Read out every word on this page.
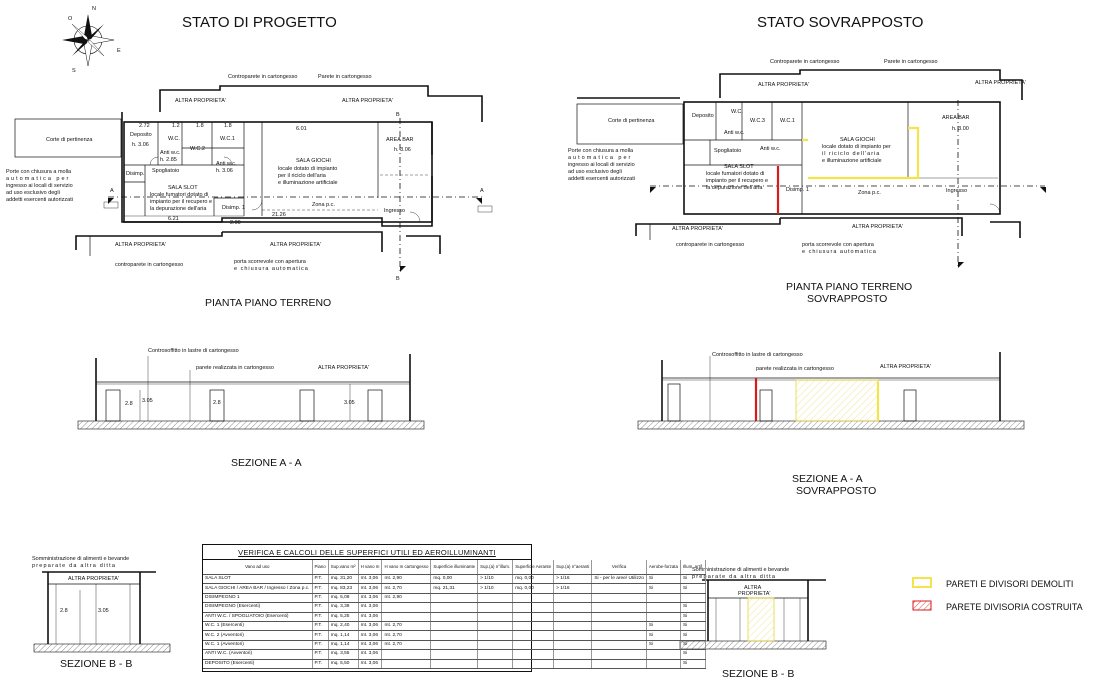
STATO DI PROGETTO	STATO SOVRAPPOSTO
N
E
S
O
Controparete in cartongesso	Parete in cartongesso
ALTRA PROPRIETA'	ALTRA PROPRIETA'
Corte di pertinenza
Deposito
h. 3.06
W.C.
W.C.2
W.C.1
Anti w.c.
h. 2.85
Anti w.c.
h. 3.06
Spogliatoio
Disimp.
SALA SLOT
locale fumatori dotato di
impianto per il recupero e
la depurazione dell'aria	Disimp. 1
SALA GIOCHI
locale dotato di impianto
per il riciclo dell'aria
e illuminazione artificiale
AREA BAR
h. 3.06
Zona p.c.
Ingresso
Porte con chiusura a molla
automatica per
ingresso ai locali di servizio
ad uso esclusivo degli
addetti esercenti autorizzati
ALTRA PROPRIETA'	ALTRA PROPRIETA'
controparete in cartongesso	porta scorrevole con apertura
e chiusura automatica
2.72	1.2	1.8	1.8	6.01
2.00
6.21
21.26
A	A
B
B
PIANTA PIANO TERRENO
Controparete in cartongesso	Parete in cartongesso
ALTRA PROPRIETA'	ALTRA PROPRIETA'
Corte di pertinenza
Deposito
W.C.
W.C.3	W.C.1
Anti w.c.
Anti w.c.
Spogliatoio
SALA SLOT
locale fumatori dotato di
impianto per il recupero e
la depurazione dell'aria	Disimp. 1
SALA GIOCHI
locale dotato di impianto per
il riciclo dell'aria
e illuminazione artificiale
AREA BAR
h. 3.00
Zona p.c.	Ingresso
Porte con chiusura a molla
automatica per
ingresso ai locali di servizio
ad uso esclusivo degli
addetti esercenti autorizzati
ALTRA PROPRIETA'	ALTRA PROPRIETA'
controparete in cartongesso	porta scorrevole con apertura
e chiusura automatica
PIANTA PIANO TERRENO
SOVRAPPOSTO
Controsoffitto in lastre di cartongesso
parete realizzata in cartongesso	ALTRA PROPRIETA'
2.8 3.05	2.8	3.05
SEZIONE A - A
Controsoffitto in lastre di cartongesso
parete realizzata in cartongesso	ALTRA PROPRIETA'
SEZIONE A - A
SOVRAPPOSTO
Somministrazione di alimenti e bevande
preparate da altra ditta
ALTRA PROPRIETA'
2.8	3.05
SEZIONE B - B
Somministrazione di alimenti e bevande
preparate da altra ditta
ALTRA
PROPRIETA'
SEZIONE B - B
PARETI E DIVISORI DEMOLITI
PARETE DIVISORIA COSTRUITA
VERIFICA E CALCOLI DELLE SUPERFICI UTILI ED AEROILLUMINANTI
Vano ad uso	Piano	Sup.vano m²	H vano m	H vano m cartongesso	Superficie illuminante	Sup.(a) n°illum.	Superficie Aerante	Sup.(a) n°aeranti	Verifica	Aerobe-forzata	Illum. artif.
SALA SLOT	P.T.	mq. 31,20	mt. 3,06	mt. 2,90	mq. 0,00	> 1/10	mq. 0,00	> 1/16	Si - per le aree/ Utilizzo	Si	Si
SALA GIOCHI / AREA BAR / Ingresso / Zona p.c.	P.T.	mq. 83,23	mt. 3,06	mt. 2,70	mq. 21,31	> 1/10	mq. 0,00	> 1/16		Si	Si
DISIMPEGNO 1	P.T.	mq. 5,08	mt. 3,06	mt. 2,90							
DISIMPEGNO (Esercenti)	P.T.	mq. 3,38	mt. 3,06								Si
ANTI W.C. / SPOGLIATOIO (Esercenti)	P.T.	mq. 5,25	mt. 3,06								Si
W.C. 1 (Esercenti)	P.T.	mq. 2,40	mt. 3,06	mt. 2,70						Si	Si
W.C. 2 (Avventori)	P.T.	mq. 1,14	mt. 3,06	mt. 2,70						Si	Si
W.C. 1 (Avventori)	P.T.	mq. 1,14	mt. 3,06	mt. 2,70						Si	Si
ANTI W.C. (Avventori)	P.T.	mq. 3,55	mt. 3,06								Si
DEPOSITO (Esercenti)	P.T.	mq. 5,50	mt. 3,06								Si
